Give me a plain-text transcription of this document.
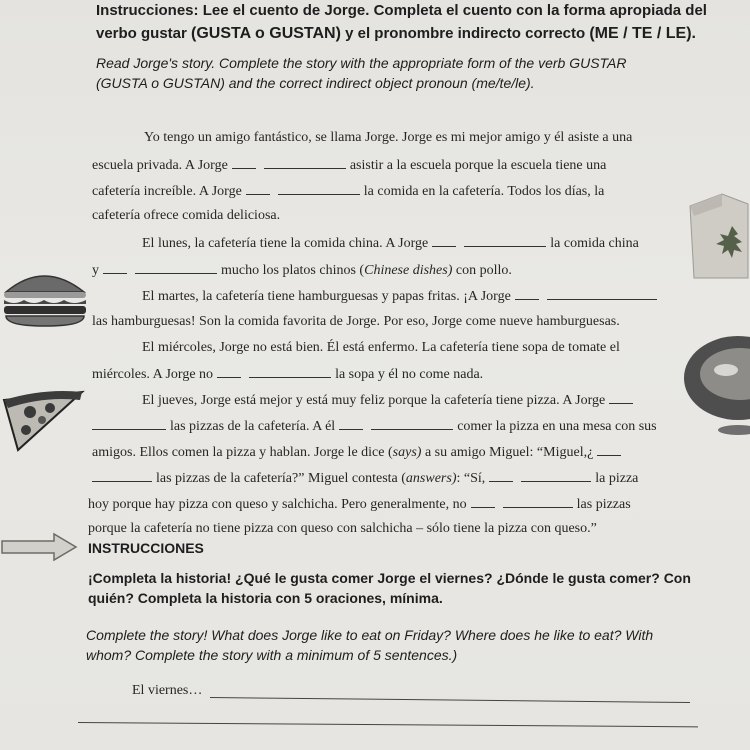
Instrucciones: Lee el cuento de Jorge. Completa el cuento con la forma apropiada del
verbo gustar (GUSTA o GUSTAN) y el pronombre indirecto correcto (ME / TE / LE).
Read Jorge's story. Complete the story with the appropriate form of the verb GUSTAR
(GUSTA o GUSTAN) and the correct indirect object pronoun (me/te/le).
Yo tengo un amigo fantástico, se llama Jorge. Jorge es mi mejor amigo y él asiste a una
escuela privada. A Jorge	asistir a la escuela porque la escuela tiene una
cafetería increíble. A Jorge	la comida en la cafetería. Todos los días, la
cafetería ofrece comida deliciosa.
El lunes, la cafetería tiene la comida china. A Jorge	la comida china
y	mucho los platos chinos (Chinese dishes) con pollo.
El martes, la cafetería tiene hamburguesas y papas fritas. ¡A Jorge
las hamburguesas! Son la comida favorita de Jorge. Por eso, Jorge come nueve hamburguesas.
El miércoles, Jorge no está bien. Él está enfermo. La cafetería tiene sopa de tomate el
miércoles. A Jorge no	la sopa y él no come nada.
El jueves, Jorge está mejor y está muy feliz porque la cafetería tiene pizza. A Jorge
las pizzas de la cafetería. A él	comer la pizza en una mesa con sus
amigos. Ellos comen la pizza y hablan. Jorge le dice (says) a su amigo Miguel: “Miguel,¿
las pizzas de la cafetería?” Miguel contesta (answers): “Sí,	la pizza
hoy porque hay pizza con queso y salchicha. Pero generalmente, no	las pizzas
porque la cafetería no tiene pizza con queso con salchicha – sólo tiene la pizza con queso.”
INSTRUCCIONES
¡Completa la historia! ¿Qué le gusta comer Jorge el viernes? ¿Dónde le gusta comer? Con
quién? Completa la historia con 5 oraciones, mínima.
Complete the story! What does Jorge like to eat on Friday? Where does he like to eat? With
whom? Complete the story with a minimum of 5 sentences.)
El viernes…
